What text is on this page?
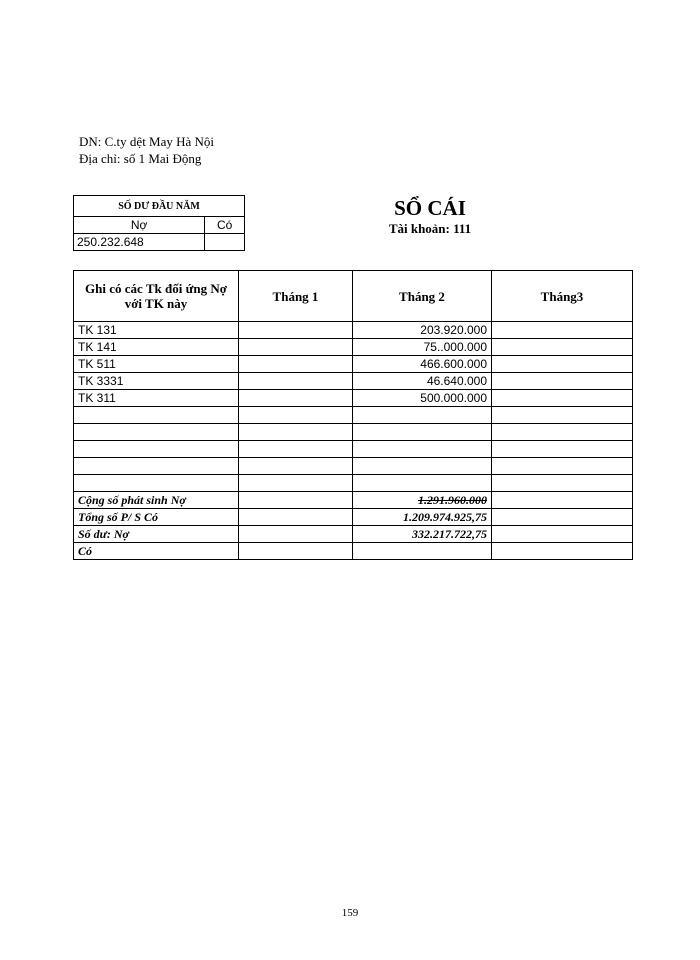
DN: C.ty dệt May Hà Nội
Địa chỉ: số 1 Mai Động
SỐ DƯ ĐẦU NĂM	
Nợ	Có
250.232.648	
SỔ CÁI
Tài khoản: 111
Ghi có các Tk đối ứng Nợ với TK này	Tháng 1	Tháng 2	Tháng3
TK 131		203.920.000	
TK 141		75..000.000	
TK 511		466.600.000	
TK 3331		46.640.000	
TK 311		500.000.000	

Cộng số phát sinh Nợ		1.291.960.000	
Tổng số P/ S Có		1.209.974.925,75	
Số dư: Nợ		332.217.722,75	
Có			
159
